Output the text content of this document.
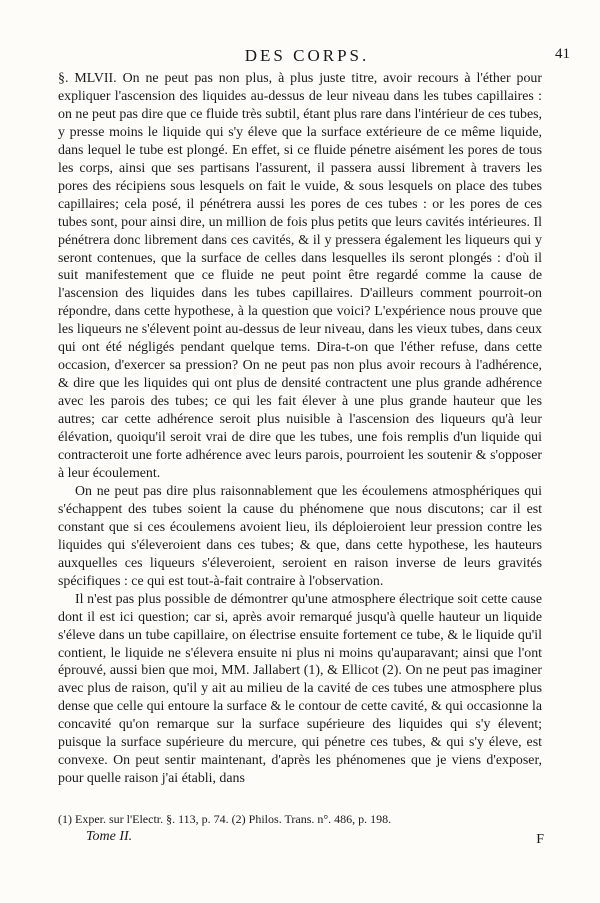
DES CORPS.	41

§. MLVII. On ne peut pas non plus, à plus juste titre, avoir recours à l'éther pour expliquer l'ascension des liquides au-dessus de leur niveau dans les tubes capillaires : on ne peut pas dire que ce fluide très subtil, étant plus rare dans l'intérieur de ces tubes, y presse moins le liquide qui s'y éleve que la surface extérieure de ce même liquide, dans lequel le tube est plongé. En effet, si ce fluide pénetre aisément les pores de tous les corps, ainsi que ses partisans l'assurent, il passera aussi librement à travers les pores des récipiens sous lesquels on fait le vuide, & sous lesquels on place des tubes capillaires; cela posé, il pénétrera aussi les pores de ces tubes : or les pores de ces tubes sont, pour ainsi dire, un million de fois plus petits que leurs cavités intérieures. Il pénétrera donc librement dans ces cavités, & il y pressera également les liqueurs qui y seront contenues, que la surface de celles dans lesquelles ils seront plongés : d'où il suit manifestement que ce fluide ne peut point être regardé comme la cause de l'ascension des liquides dans les tubes capillaires. D'ailleurs comment pourroit-on répondre, dans cette hypothese, à la question que voici? L'expérience nous prouve que les liqueurs ne s'élevent point au-dessus de leur niveau, dans les vieux tubes, dans ceux qui ont été négligés pendant quelque tems. Dira-t-on que l'éther refuse, dans cette occasion, d'exercer sa pression? On ne peut pas non plus avoir recours à l'adhérence, & dire que les liquides qui ont plus de densité contractent une plus grande adhérence avec les parois des tubes; ce qui les fait élever à une plus grande hauteur que les autres; car cette adhérence seroit plus nuisible à l'ascension des liqueurs qu'à leur élévation, quoiqu'il seroit vrai de dire que les tubes, une fois remplis d'un liquide qui contracteroit une forte adhérence avec leurs parois, pourroient les soutenir & s'opposer à leur écoulement.

On ne peut pas dire plus raisonnablement que les écoulemens atmosphériques qui s'échappent des tubes soient la cause du phénomene que nous discutons; car il est constant que si ces écoulemens avoient lieu, ils déploieroient leur pression contre les liquides qui s'éleveroient dans ces tubes; & que, dans cette hypothese, les hauteurs auxquelles ces liqueurs s'éleveroient, seroient en raison inverse de leurs gravités spécifiques : ce qui est tout-à-fait contraire à l'observation.

Il n'est pas plus possible de démontrer qu'une atmosphere électrique soit cette cause dont il est ici question; car si, après avoir remarqué jusqu'à quelle hauteur un liquide s'éleve dans un tube capillaire, on électrise ensuite fortement ce tube, & le liquide qu'il contient, le liquide ne s'élevera ensuite ni plus ni moins qu'auparavant; ainsi que l'ont éprouvé, aussi bien que moi, MM. Jallabert (1), & Ellicot (2). On ne peut pas imaginer avec plus de raison, qu'il y ait au milieu de la cavité de ces tubes une atmosphere plus dense que celle qui entoure la surface & le contour de cette cavité, & qui occasionne la concavité qu'on remarque sur la surface supérieure des liquides qui s'y élevent; puisque la surface supérieure du mercure, qui pénetre ces tubes, & qui s'y éleve, est convexe. On peut sentir maintenant, d'après les phénomenes que je viens d'exposer, pour quelle raison j'ai établi, dans

(1) Exper. sur l'Electr. §. 113, p. 74. (2) Philos. Trans. n°. 486, p. 198.
Tome II.	F
